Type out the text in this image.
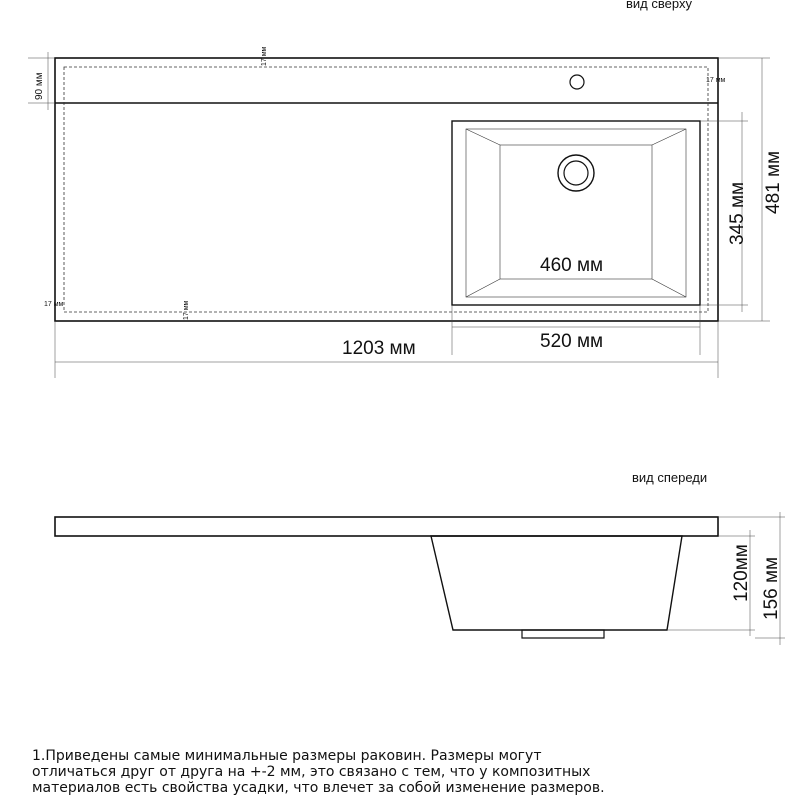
вид сверху
1203 мм	520 мм
460 мм
481 мм
345 мм
90 мм
17 мм
17 мм
17 мм	17 мм
вид спереди
120мм 156 мм
1.Приведены самые минимальные размеры раковин. Размеры могут
отличаться друг от друга на +-2 мм, это связано с тем, что у композитных
материалов есть свойства усадки, что влечет за собой изменение размеров.
